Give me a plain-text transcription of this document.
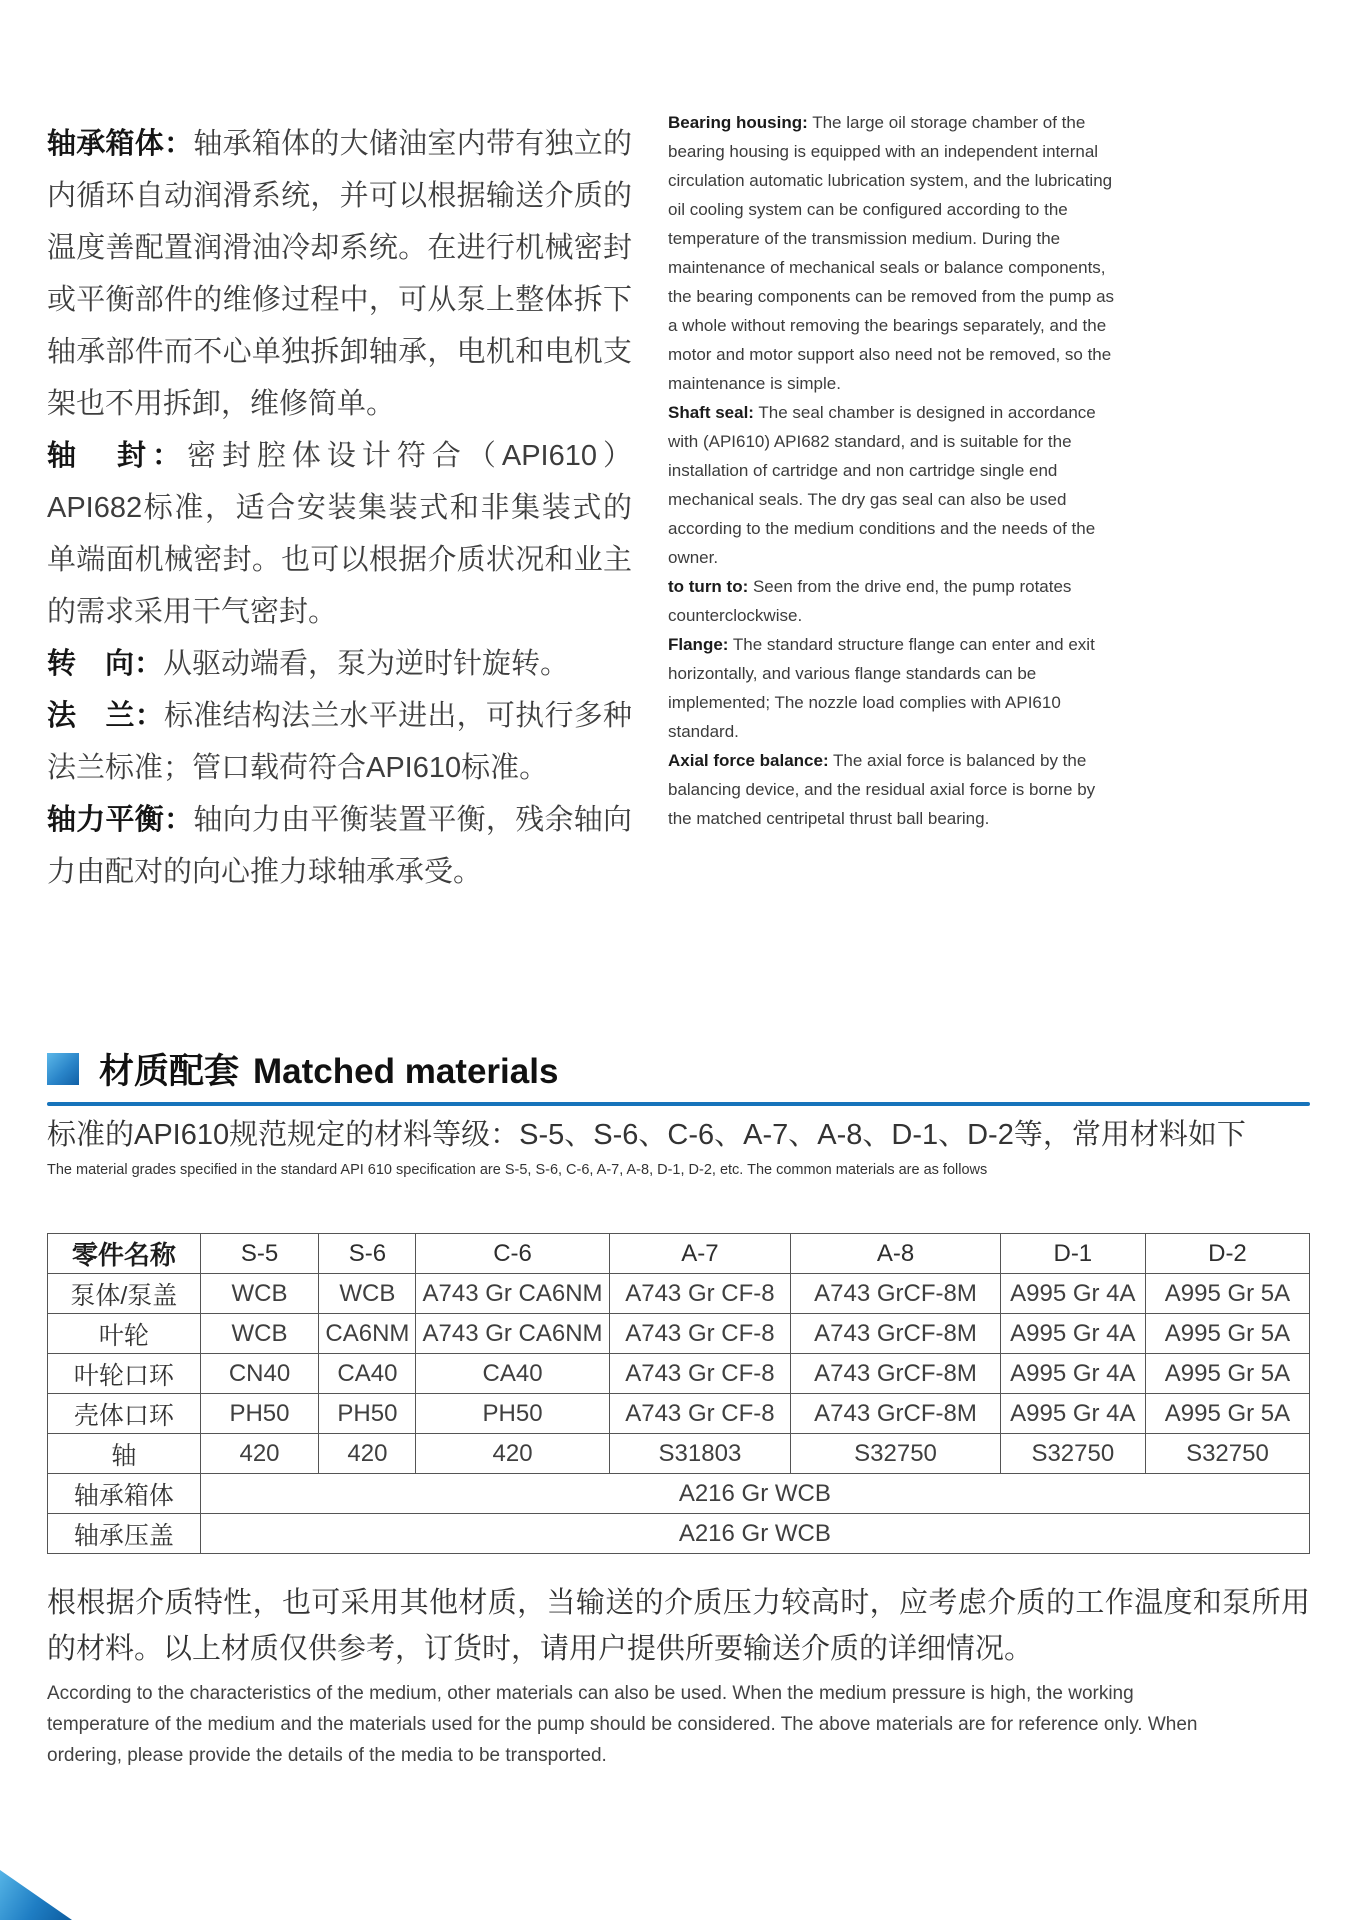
轴承箱体：轴承箱体的大储油室内带有独立的内循环自动润滑系统，并可以根据输送介质的温度善配置润滑油冷却系统。在进行机械密封或平衡部件的维修过程中，可从泵上整体拆下轴承部件而不心单独拆卸轴承，电机和电机支架也不用拆卸，维修简单。

轴　封：密封腔体设计符合（API610）API682标准，适合安装集装式和非集装式的单端面机械密封。也可以根据介质状况和业主的需求采用干气密封。

转　向：从驱动端看，泵为逆时针旋转。

法　兰：标准结构法兰水平进出，可执行多种法兰标准；管口载荷符合API610标准。

轴力平衡：轴向力由平衡装置平衡，残余轴向力由配对的向心推力球轴承承受。

Bearing housing: The large oil storage chamber of the bearing housing is equipped with an independent internal circulation automatic lubrication system, and the lubricating oil cooling system can be configured according to the temperature of the transmission medium. During the maintenance of mechanical seals or balance components, the bearing components can be removed from the pump as a whole without removing the bearings separately, and the motor and motor support also need not be removed, so the maintenance is simple.

Shaft seal: The seal chamber is designed in accordance with (API610) API682 standard, and is suitable for the installation of cartridge and non cartridge single end mechanical seals. The dry gas seal can also be used according to the medium conditions and the needs of the owner.

to turn to: Seen from the drive end, the pump rotates counterclockwise.

Flange: The standard structure flange can enter and exit horizontally, and various flange standards can be implemented; The nozzle load complies with API610 standard.

Axial force balance: The axial force is balanced by the balancing device, and the residual axial force is borne by the matched centripetal thrust ball bearing.

材质配套 Matched materials

标准的API610规范规定的材料等级：S-5、S-6、C-6、A-7、A-8、D-1、D-2等，常用材料如下

The material grades specified in the standard API 610 specification are S-5, S-6, C-6, A-7, A-8, D-1, D-2, etc. The common materials are as follows

零件名称	S-5	S-6	C-6	A-7	A-8	D-1	D-2
泵体/泵盖	WCB	WCB	A743 Gr CA6NM	A743 Gr CF-8	A743 GrCF-8M	A995 Gr 4A	A995 Gr 5A
叶轮	WCB	CA6NM	A743 Gr CA6NM	A743 Gr CF-8	A743 GrCF-8M	A995 Gr 4A	A995 Gr 5A
叶轮口环	CN40	CA40	CA40	A743 Gr CF-8	A743 GrCF-8M	A995 Gr 4A	A995 Gr 5A
壳体口环	PH50	PH50	PH50	A743 Gr CF-8	A743 GrCF-8M	A995 Gr 4A	A995 Gr 5A
轴	420	420	420	S31803	S32750	S32750	S32750
轴承箱体	A216 Gr WCB						
轴承压盖	A216 Gr WCB						

根根据介质特性，也可采用其他材质，当输送的介质压力较高时，应考虑介质的工作温度和泵所用的材料。以上材质仅供参考，订货时，请用户提供所要输送介质的详细情况。

According to the characteristics of the medium, other materials can also be used. When the medium pressure is high, the working temperature of the medium and the materials used for the pump should be considered. The above materials are for reference only. When ordering, please provide the details of the media to be transported.
